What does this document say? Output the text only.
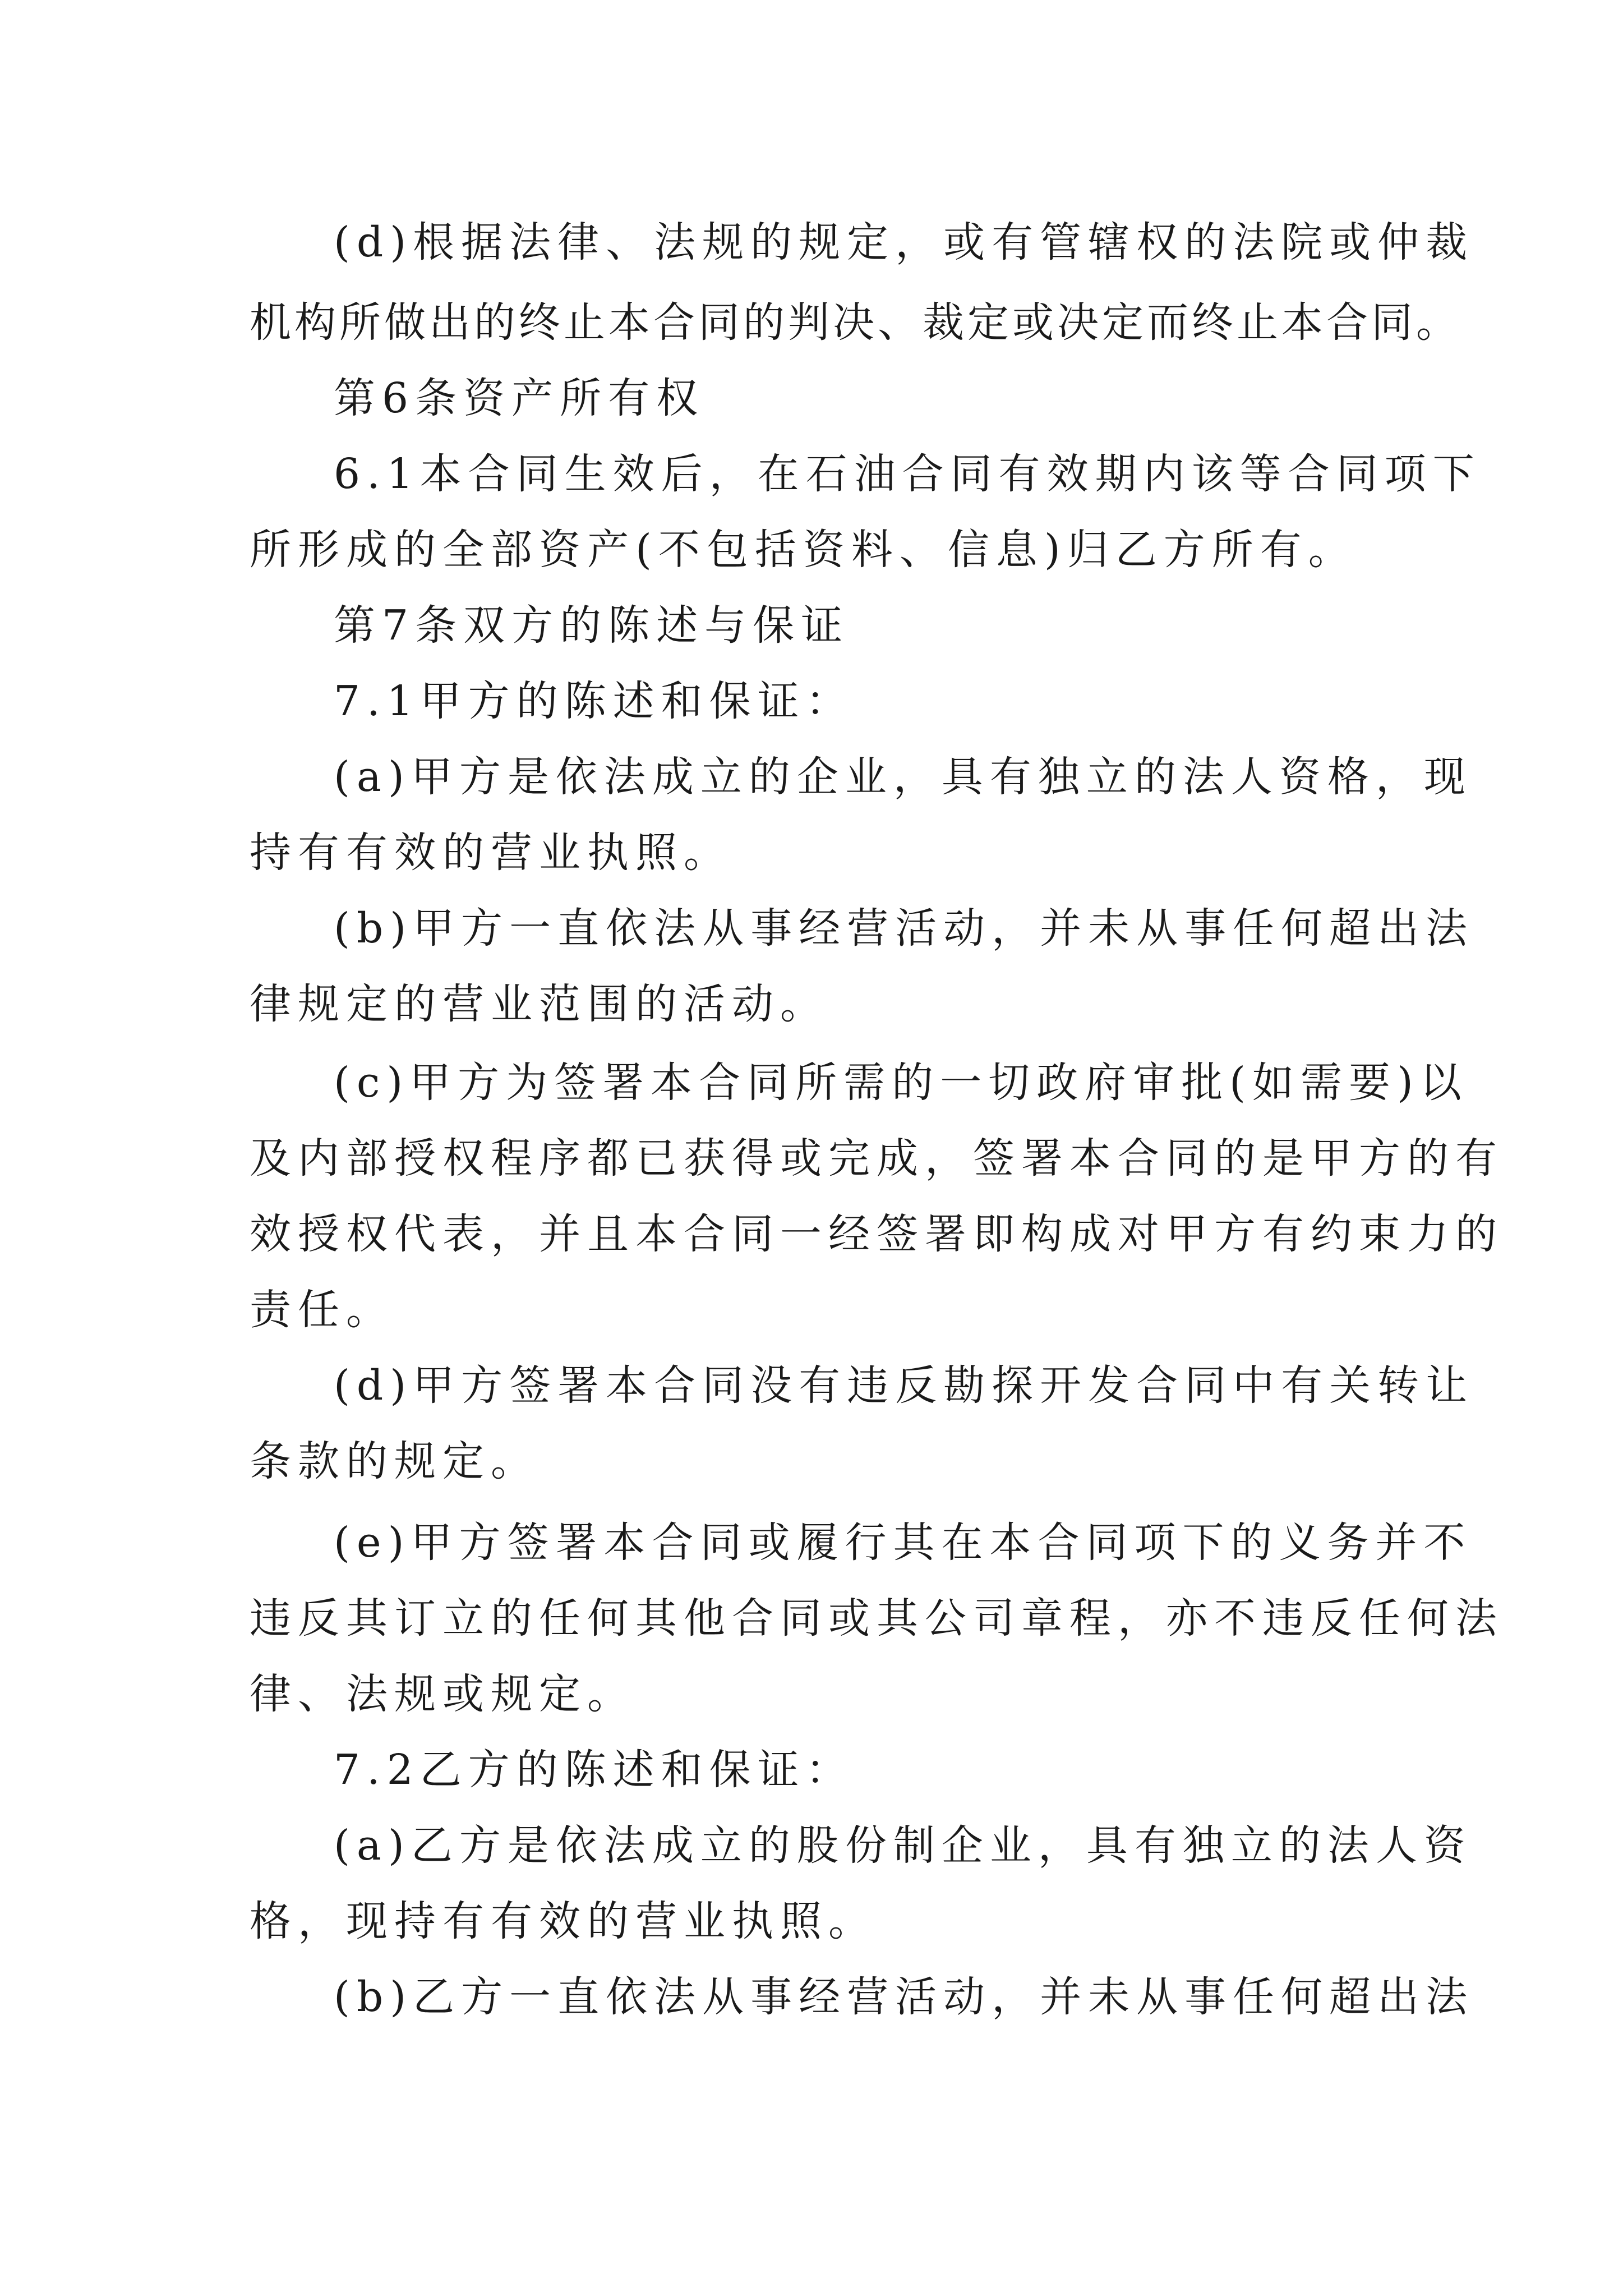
(d)根据法律、法规的规定，或有管辖权的法院或仲裁
机构所做出的终止本合同的判决、裁定或决定而终止本合同。
第6条资产所有权
6.1本合同生效后，在石油合同有效期内该等合同项下
所形成的全部资产(不包括资料、信息)归乙方所有。
第7条双方的陈述与保证
7.1甲方的陈述和保证：
(a)甲方是依法成立的企业，具有独立的法人资格，现
持有有效的营业执照。
(b)甲方一直依法从事经营活动，并未从事任何超出法
律规定的营业范围的活动。
(c)甲方为签署本合同所需的一切政府审批(如需要)以
及内部授权程序都已获得或完成，签署本合同的是甲方的有
效授权代表，并且本合同一经签署即构成对甲方有约束力的
责任。
(d)甲方签署本合同没有违反勘探开发合同中有关转让
条款的规定。
(e)甲方签署本合同或履行其在本合同项下的义务并不
违反其订立的任何其他合同或其公司章程，亦不违反任何法
律、法规或规定。
7.2乙方的陈述和保证：
(a)乙方是依法成立的股份制企业，具有独立的法人资
格，现持有有效的营业执照。
(b)乙方一直依法从事经营活动，并未从事任何超出法
